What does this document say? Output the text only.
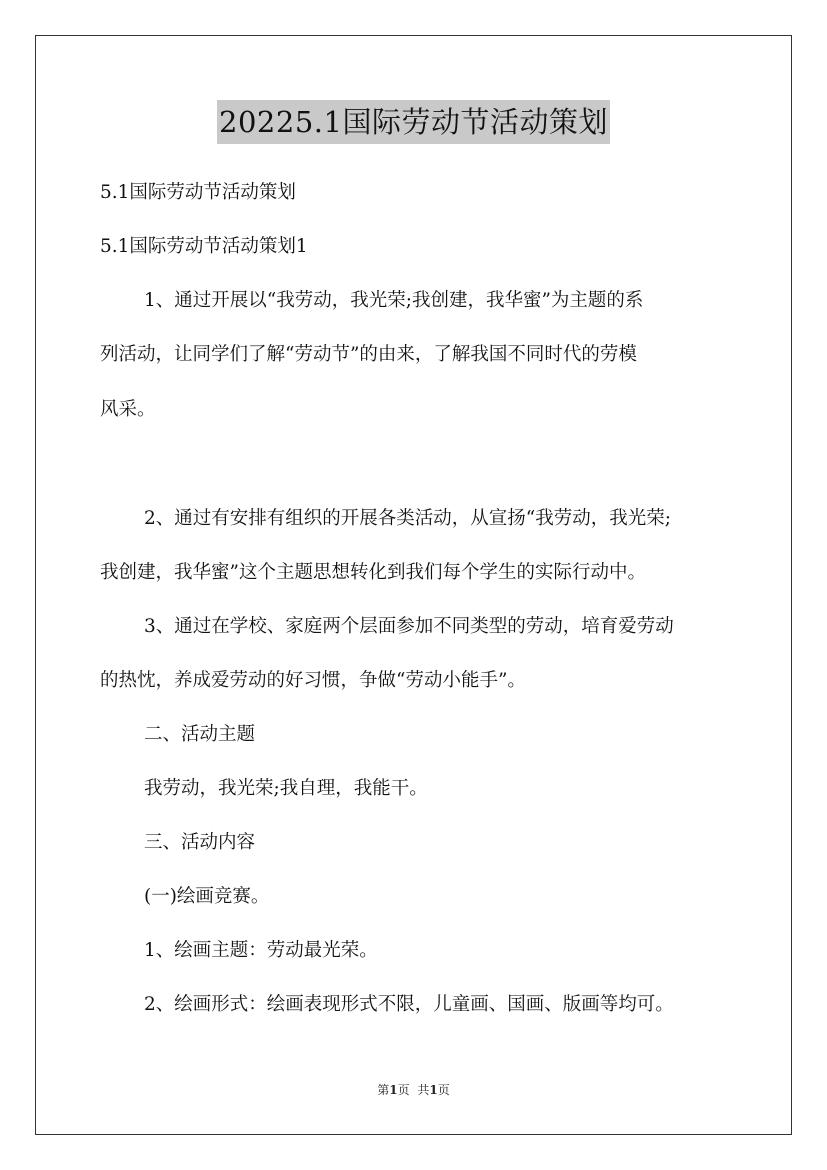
20225.1国际劳动节活动策划
5.1国际劳动节活动策划
5.1国际劳动节活动策划1
1、通过开展以“我劳动，我光荣;我创建，我华蜜”为主题的系
列活动，让同学们了解“劳动节”的由来，了解我国不同时代的劳模
风采。
2、通过有安排有组织的开展各类活动，从宣扬“我劳动，我光荣;
我创建，我华蜜”这个主题思想转化到我们每个学生的实际行动中。
3、通过在学校、家庭两个层面参加不同类型的劳动，培育爱劳动
的热忱，养成爱劳动的好习惯，争做“劳动小能手”。
二、活动主题
我劳动，我光荣;我自理，我能干。
三、活动内容
(一)绘画竞赛。
1、绘画主题：劳动最光荣。
2、绘画形式：绘画表现形式不限，儿童画、国画、版画等均可。
第1页 共1页
